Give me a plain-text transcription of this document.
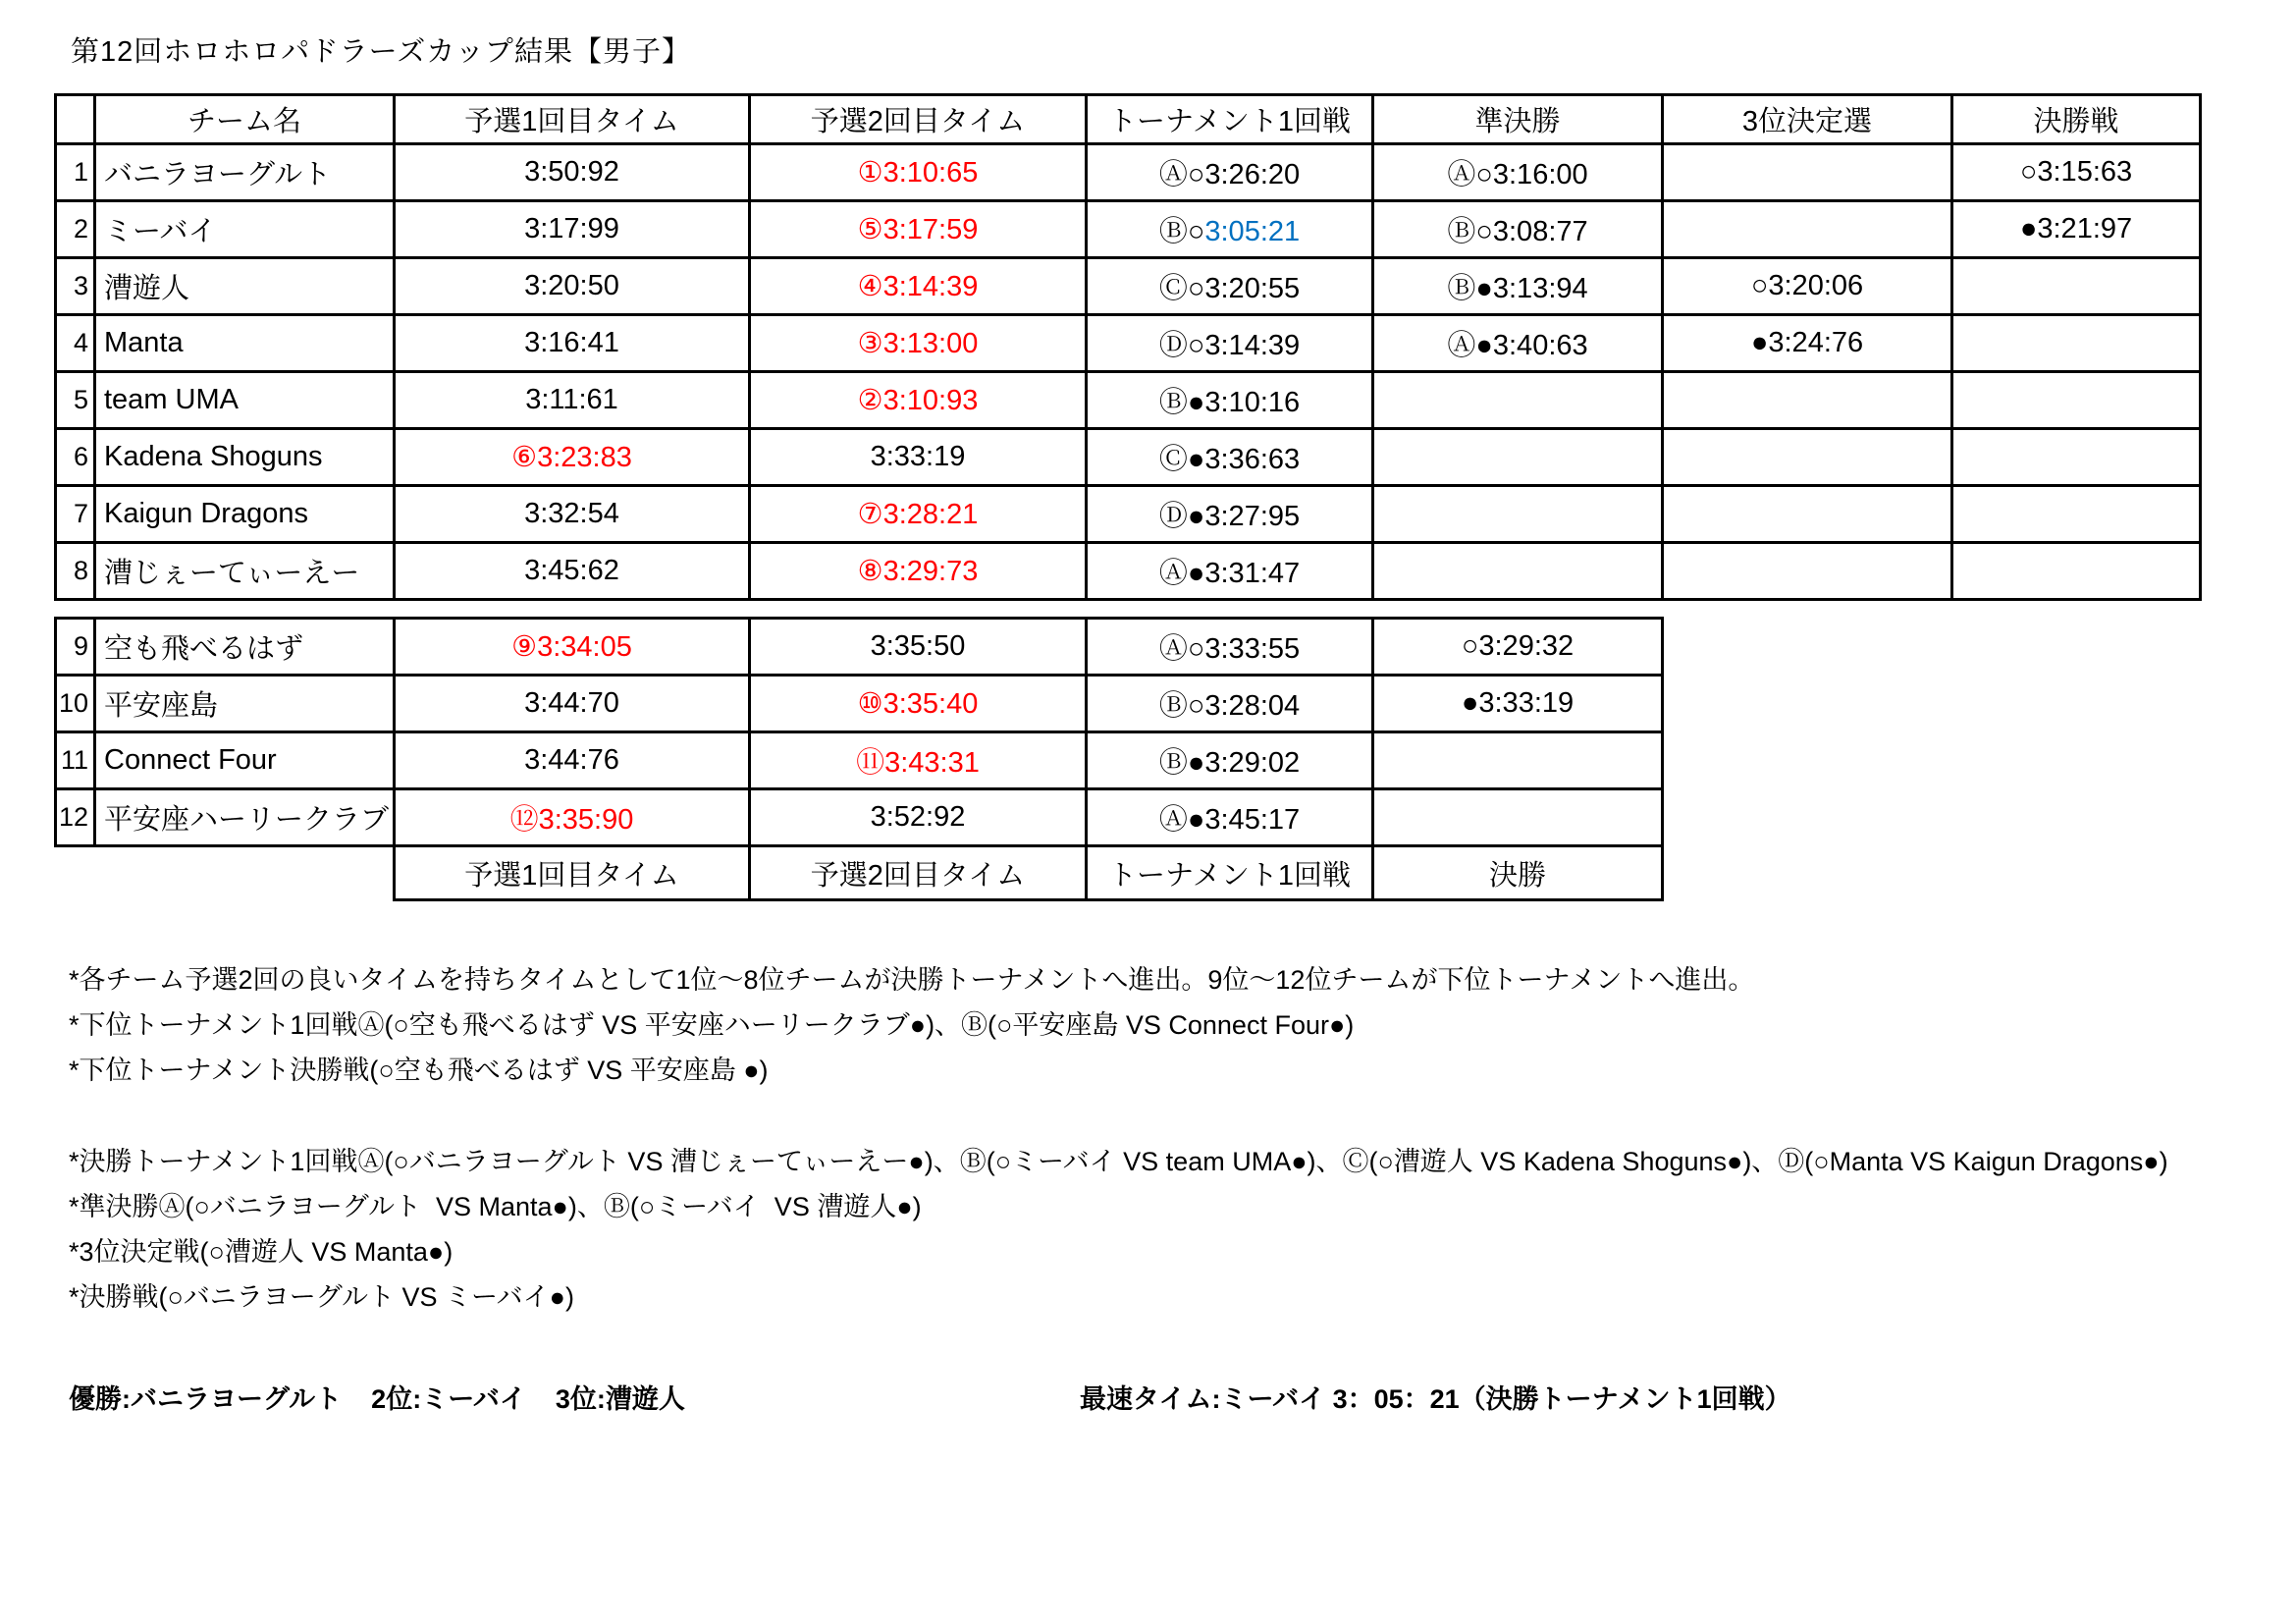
第12回ホロホロパドラーズカップ結果【男子】
	チーム名	予選1回目タイム	予選2回目タイム	トーナメント1回戦	準決勝	3位決定選	決勝戦
1	バニラヨーグルト	3:50:92	①3:10:65	Ⓐ○3:26:20	Ⓐ○3:16:00		○3:15:63
2	ミーバイ	3:17:99	⑤3:17:59	Ⓑ○3:05:21	Ⓑ○3:08:77		●3:21:97
3	漕遊人	3:20:50	④3:14:39	Ⓒ○3:20:55	Ⓑ●3:13:94	○3:20:06	
4	Manta	3:16:41	③3:13:00	Ⓓ○3:14:39	Ⓐ●3:40:63	●3:24:76	
5	team UMA	3:11:61	②3:10:93	Ⓑ●3:10:16			
6	Kadena Shoguns	⑥3:23:83	3:33:19	Ⓒ●3:36:63			
7	Kaigun Dragons	3:32:54	⑦3:28:21	Ⓓ●3:27:95			
8	漕じぇーてぃーえー	3:45:62	⑧3:29:73	Ⓐ●3:31:47			
9	空も飛べるはず	⑨3:34:05	3:35:50	Ⓐ○3:33:55	○3:29:32
10	平安座島	3:44:70	⑩3:35:40	Ⓑ○3:28:04	●3:33:19
11	Connect Four	3:44:76	⑪3:43:31	Ⓑ●3:29:02	
12	平安座ハーリークラブ	⑫3:35:90	3:52:92	Ⓐ●3:45:17	
		予選1回目タイム	予選2回目タイム	トーナメント1回戦	決勝
*各チーム予選2回の良いタイムを持ちタイムとして1位～8位チームが決勝トーナメントへ進出。9位～12位チームが下位トーナメントへ進出。
*下位トーナメント1回戦Ⓐ(○空も飛べるはず VS 平安座ハーリークラブ●)、Ⓑ(○平安座島 VS Connect Four●)
*下位トーナメント決勝戦(○空も飛べるはず VS 平安座島 ●)
*決勝トーナメント1回戦Ⓐ(○バニラヨーグルト VS 漕じぇーてぃーえー●)、Ⓑ(○ミーバイ VS team UMA●)、Ⓒ(○漕遊人 VS Kadena Shoguns●)、Ⓓ(○Manta VS Kaigun Dragons●)
*準決勝Ⓐ(○バニラヨーグルト  VS Manta●)、Ⓑ(○ミーバイ  VS 漕遊人●)
*3位決定戦(○漕遊人 VS Manta●)
*決勝戦(○バニラヨーグルト VS ミーバイ●)
優勝:バニラヨーグルト    2位:ミーバイ    3位:漕遊人	最速タイム:ミーバイ 3：05：21（決勝トーナメント1回戦）
